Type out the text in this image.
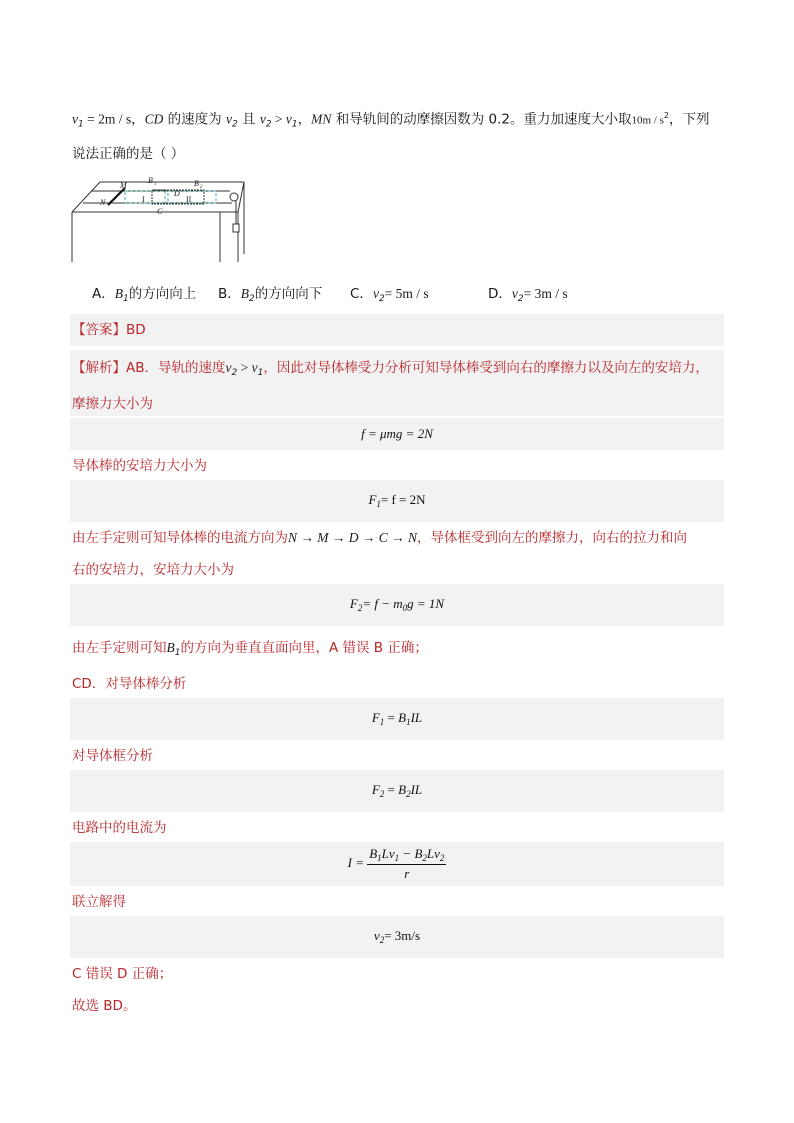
$v_1 = 2m / s$，CD 的速度为 $v_2$ 且 $v_2 > v_1$，MN 和导轨间的动摩擦因数为 0.2。重力加速度大小取$10m / s^2$，下列
说法正确的是（ ）
M
N
B 1	B 2
D
C
I	II
A．$B_1$的方向向上 B．$B_2$的方向向下 C．$v_2= 5m / s$	D．$v_2= 3m / s$
【答案】BD
【解析】AB．导轨的速度$v_2 > v_1$，因此对导体棒受力分析可知导体棒受到向右的摩擦力以及向左的安培力，
摩擦力大小为
f = μmg = 2N
导体棒的安培力大小为
$F_1= f = 2N$
由左手定则可知导体棒的电流方向为N → M → D → C → N，导体框受到向左的摩擦力，向右的拉力和向
右的安培力，安培力大小为
$F_2= f - m_0g = 1N$
由左手定则可知$B_1$的方向为垂直直面向里，A 错误 B 正确；
CD．对导体棒分析
$F_1 = B_1IL$
对导体框分析
$F_2 = B_2IL$
电路中的电流为
$I = \frac{B_1Lv_1 - B_2Lv_2}{r}$
联立解得
$v_2= 3m/s$
C 错误 D 正确；
故选 BD。
